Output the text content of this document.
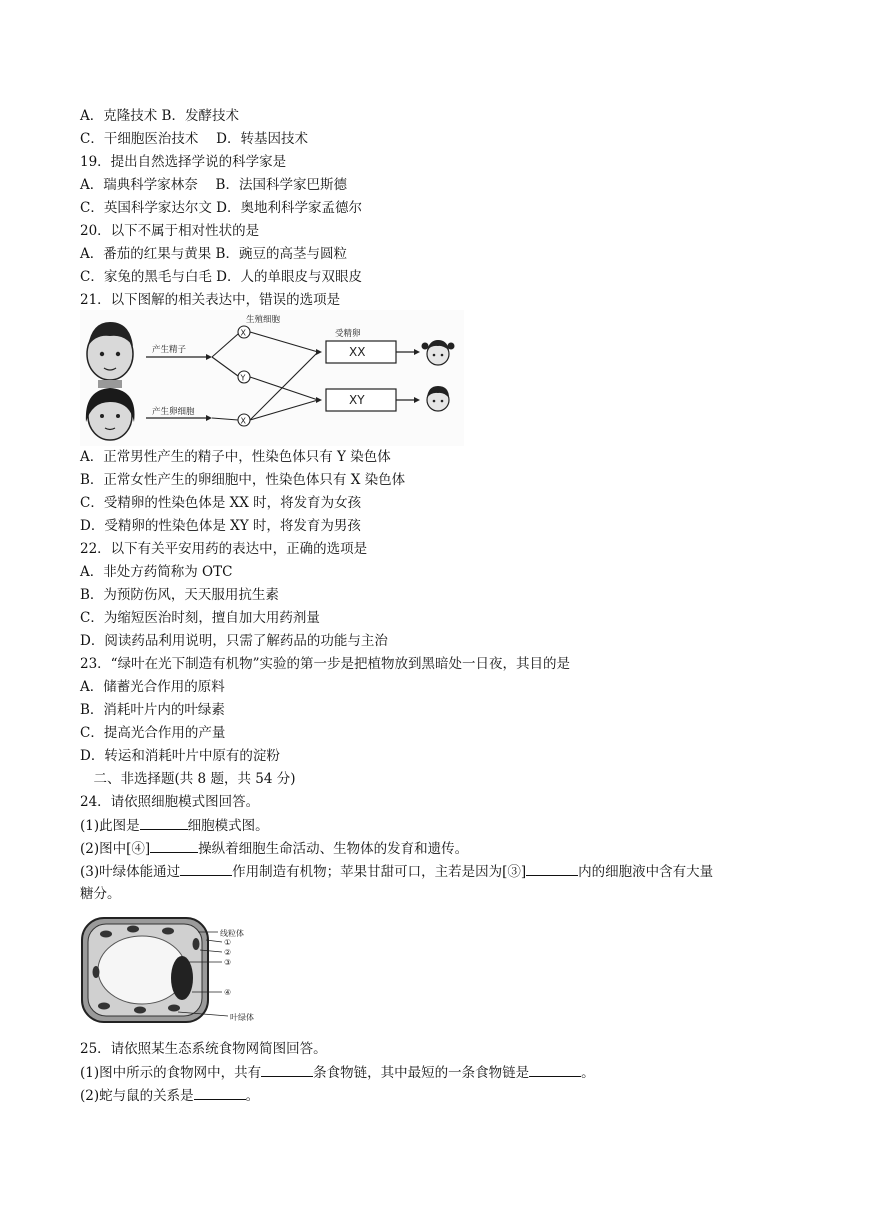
A．克隆技术 B．发酵技术
C．干细胞医治技术　 D．转基因技术
19．提出自然选择学说的科学家是
A．瑞典科学家林奈　 B．法国科学家巴斯德
C．英国科学家达尔文 D．奥地利科学家孟德尔
20．以下不属于相对性状的是
A．番茄的红果与黄果 B．豌豆的高茎与圆粒
C．家兔的黑毛与白毛 D．人的单眼皮与双眼皮
21．以下图解的相关表达中，错误的选项是
生殖细胞
受精卵
产生精子
产生卵细胞
X
Y
X
XX
XY
A．正常男性产生的精子中，性染色体只有 Y 染色体
B．正常女性产生的卵细胞中，性染色体只有 X 染色体
C．受精卵的性染色体是 XX 时，将发育为女孩
D．受精卵的性染色体是 XY 时，将发育为男孩
22．以下有关平安用药的表达中，正确的选项是
A．非处方药简称为 OTC
B．为预防伤风，天天服用抗生素
C．为缩短医治时刻，擅自加大用药剂量
D．阅读药品利用说明，只需了解药品的功能与主治
23．“绿叶在光下制造有机物”实验的第一步是把植物放到黑暗处一日夜，其目的是
A．储蓄光合作用的原料
B．消耗叶片内的叶绿素
C．提高光合作用的产量
D．转运和消耗叶片中原有的淀粉
　二、非选择题(共 8 题，共 54 分)
24．请依照细胞模式图回答。
(1)此图是	细胞模式图。
(2)图中[④]	操纵着细胞生命活动、生物体的发育和遗传。
(3)叶绿体能通过	作用制造有机物；苹果甘甜可口，主若是因为[③]	内的细胞液中含有大量
糖分。
线粒体
①
②
③
④
叶绿体
25．请依照某生态系统食物网简图回答。
(1)图中所示的食物网中，共有	条食物链，其中最短的一条食物链是	。
(2)蛇与鼠的关系是	。
